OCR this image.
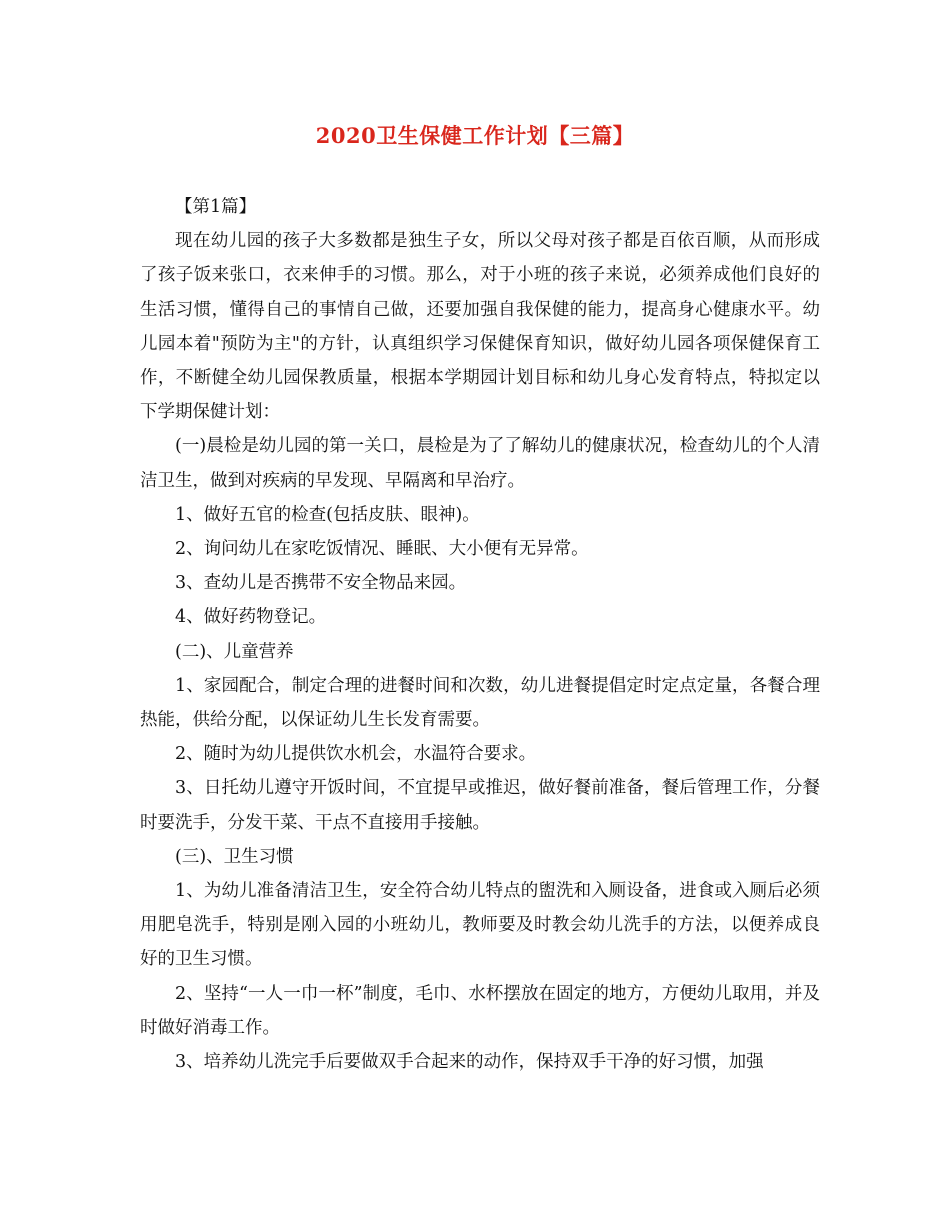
2020卫生保健工作计划【三篇】

【第1篇】

现在幼儿园的孩子大多数都是独生子女，所以父母对孩子都是百依百顺，从而形成了孩子饭来张口，衣来伸手的习惯。那么，对于小班的孩子来说，必须养成他们良好的生活习惯，懂得自己的事情自己做，还要加强自我保健的能力，提高身心健康水平。幼儿园本着"预防为主"的方针，认真组织学习保健保育知识，做好幼儿园各项保健保育工作，不断健全幼儿园保教质量，根据本学期园计划目标和幼儿身心发育特点，特拟定以下学期保健计划：

(一)晨检是幼儿园的第一关口，晨检是为了了解幼儿的健康状况，检查幼儿的个人清洁卫生，做到对疾病的早发现、早隔离和早治疗。

1、做好五官的检查(包括皮肤、眼神)。

2、询问幼儿在家吃饭情况、睡眠、大小便有无异常。

3、查幼儿是否携带不安全物品来园。

4、做好药物登记。

(二)、儿童营养

1、家园配合，制定合理的进餐时间和次数，幼儿进餐提倡定时定点定量，各餐合理热能，供给分配，以保证幼儿生长发育需要。

2、随时为幼儿提供饮水机会，水温符合要求。

3、日托幼儿遵守开饭时间，不宜提早或推迟，做好餐前准备，餐后管理工作，分餐时要洗手，分发干菜、干点不直接用手接触。

(三)、卫生习惯

1、为幼儿准备清洁卫生，安全符合幼儿特点的盥洗和入厕设备，进食或入厕后必须用肥皂洗手，特别是刚入园的小班幼儿，教师要及时教会幼儿洗手的方法，以便养成良好的卫生习惯。

2、坚持“一人一巾一杯”制度，毛巾、水杯摆放在固定的地方，方便幼儿取用，并及时做好消毒工作。

3、培养幼儿洗完手后要做双手合起来的动作，保持双手干净的好习惯，加强
